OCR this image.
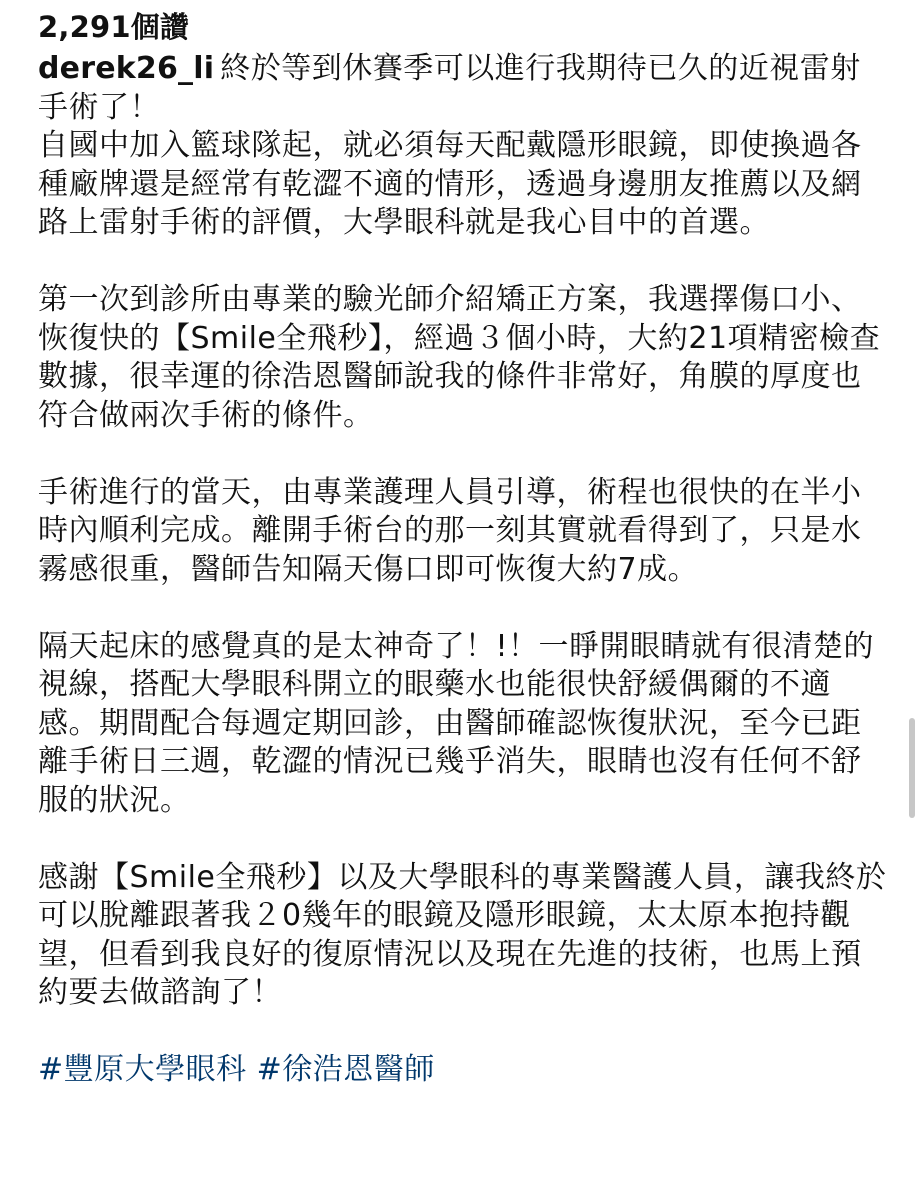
2,291個讚

derek26_li 終於等到休賽季可以進行我期待已久的近視雷射手術了！

自國中加入籃球隊起，就必須每天配戴隱形眼鏡，即使換過各種廠牌還是經常有乾澀不適的情形，透過身邊朋友推薦以及網路上雷射手術的評價，大學眼科就是我心目中的首選。

第一次到診所由專業的驗光師介紹矯正方案，我選擇傷口小、恢復快的【Smile全飛秒】，經過３個小時，大約21項精密檢查數據，很幸運的徐浩恩醫師說我的條件非常好，角膜的厚度也符合做兩次手術的條件。

手術進行的當天，由專業護理人員引導，術程也很快的在半小時內順利完成。離開手術台的那一刻其實就看得到了，只是水霧感很重，醫師告知隔天傷口即可恢復大約7成。

隔天起床的感覺真的是太神奇了！!！一睜開眼睛就有很清楚的視線，搭配大學眼科開立的眼藥水也能很快舒緩偶爾的不適感。期間配合每週定期回診，由醫師確認恢復狀況，至今已距離手術日三週，乾澀的情況已幾乎消失，眼睛也沒有任何不舒服的狀況。

感謝【Smile全飛秒】以及大學眼科的專業醫護人員，讓我終於可以脫離跟著我２0幾年的眼鏡及隱形眼鏡，太太原本抱持觀望，但看到我良好的復原情況以及現在先進的技術，也馬上預約要去做諮詢了！

#豐原大學眼科 #徐浩恩醫師
